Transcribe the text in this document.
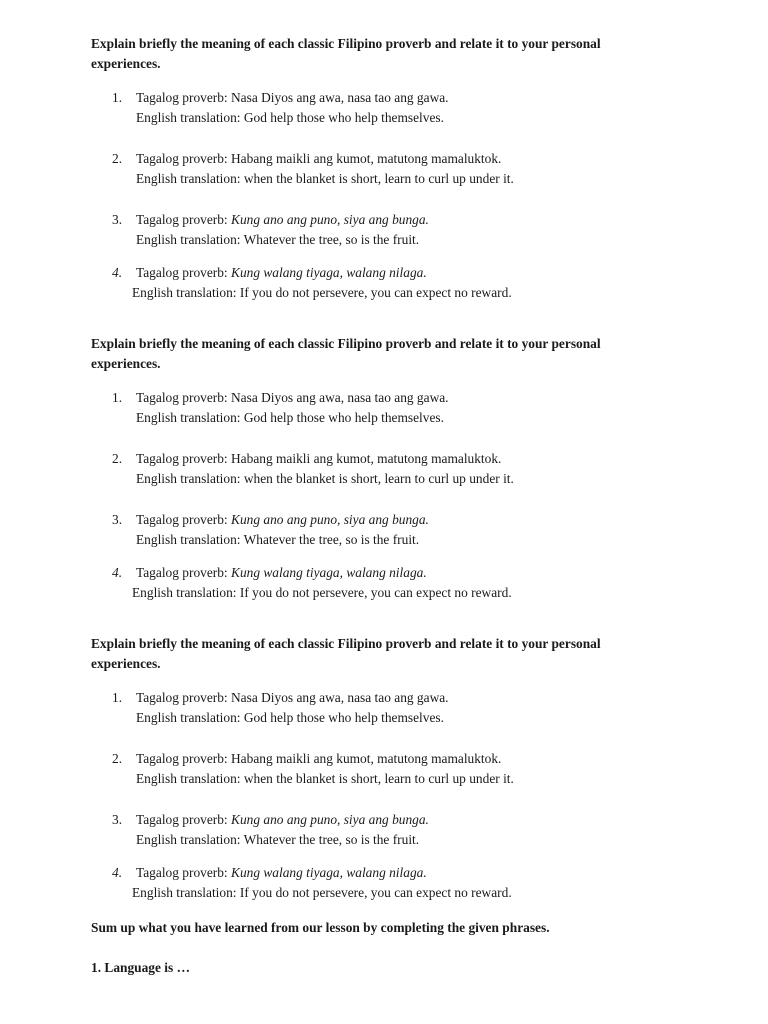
Explain briefly the meaning of each classic Filipino proverb and relate it to your personal
experiences.
1.	Tagalog proverb: Nasa Diyos ang awa, nasa tao ang gawa.
English translation: God help those who help themselves.
2.	Tagalog proverb: Habang maikli ang kumot, matutong mamaluktok.
English translation: when the blanket is short, learn to curl up under it.
3.	Tagalog proverb: Kung ano ang puno, siya ang bunga.
English translation: Whatever the tree, so is the fruit.
4.	Tagalog proverb: Kung walang tiyaga, walang nilaga.
English translation: If you do not persevere, you can expect no reward.
Explain briefly the meaning of each classic Filipino proverb and relate it to your personal
experiences.
1.	Tagalog proverb: Nasa Diyos ang awa, nasa tao ang gawa.
English translation: God help those who help themselves.
2.	Tagalog proverb: Habang maikli ang kumot, matutong mamaluktok.
English translation: when the blanket is short, learn to curl up under it.
3.	Tagalog proverb: Kung ano ang puno, siya ang bunga.
English translation: Whatever the tree, so is the fruit.
4.	Tagalog proverb: Kung walang tiyaga, walang nilaga.
English translation: If you do not persevere, you can expect no reward.
Explain briefly the meaning of each classic Filipino proverb and relate it to your personal
experiences.
1.	Tagalog proverb: Nasa Diyos ang awa, nasa tao ang gawa.
English translation: God help those who help themselves.
2.	Tagalog proverb: Habang maikli ang kumot, matutong mamaluktok.
English translation: when the blanket is short, learn to curl up under it.
3.	Tagalog proverb: Kung ano ang puno, siya ang bunga.
English translation: Whatever the tree, so is the fruit.
4.	Tagalog proverb: Kung walang tiyaga, walang nilaga.
English translation: If you do not persevere, you can expect no reward.
Sum up what you have learned from our lesson by completing the given phrases.
1. Language is …
